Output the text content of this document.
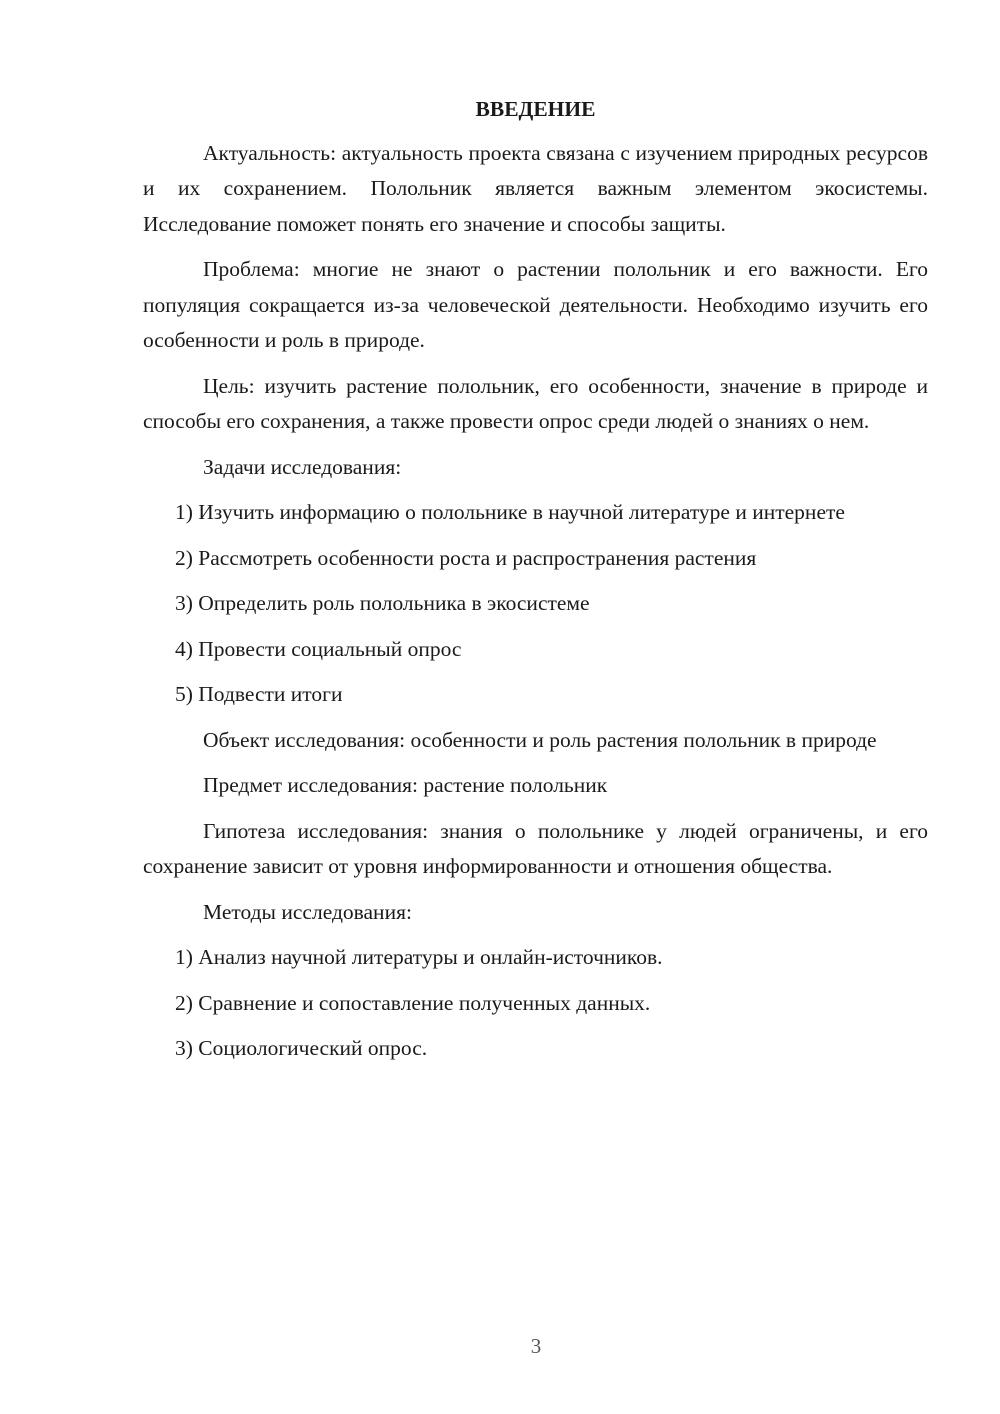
ВВЕДЕНИЕ

Актуальность: актуальность проекта связана с изучением природных ресурсов и их сохранением. Полольник является важным элементом экосистемы. Исследование поможет понять его значение и способы защиты.

Проблема: многие не знают о растении полольник и его важности. Его популяция сокращается из-за человеческой деятельности. Необходимо изучить его особенности и роль в природе.

Цель: изучить растение полольник, его особенности, значение в природе и способы его сохранения, а также провести опрос среди людей о знаниях о нем.

Задачи исследования:

1) Изучить информацию о полольнике в научной литературе и интернете

2) Рассмотреть особенности роста и распространения растения

3) Определить роль полольника в экосистеме

4) Провести социальный опрос

5) Подвести итоги

Объект исследования: особенности и роль растения полольник в природе

Предмет исследования: растение полольник

Гипотеза исследования: знания о полольнике у людей ограничены, и его сохранение зависит от уровня информированности и отношения общества.

Методы исследования:

1) Анализ научной литературы и онлайн-источников.

2) Сравнение и сопоставление полученных данных.

3) Социологический опрос.

3
